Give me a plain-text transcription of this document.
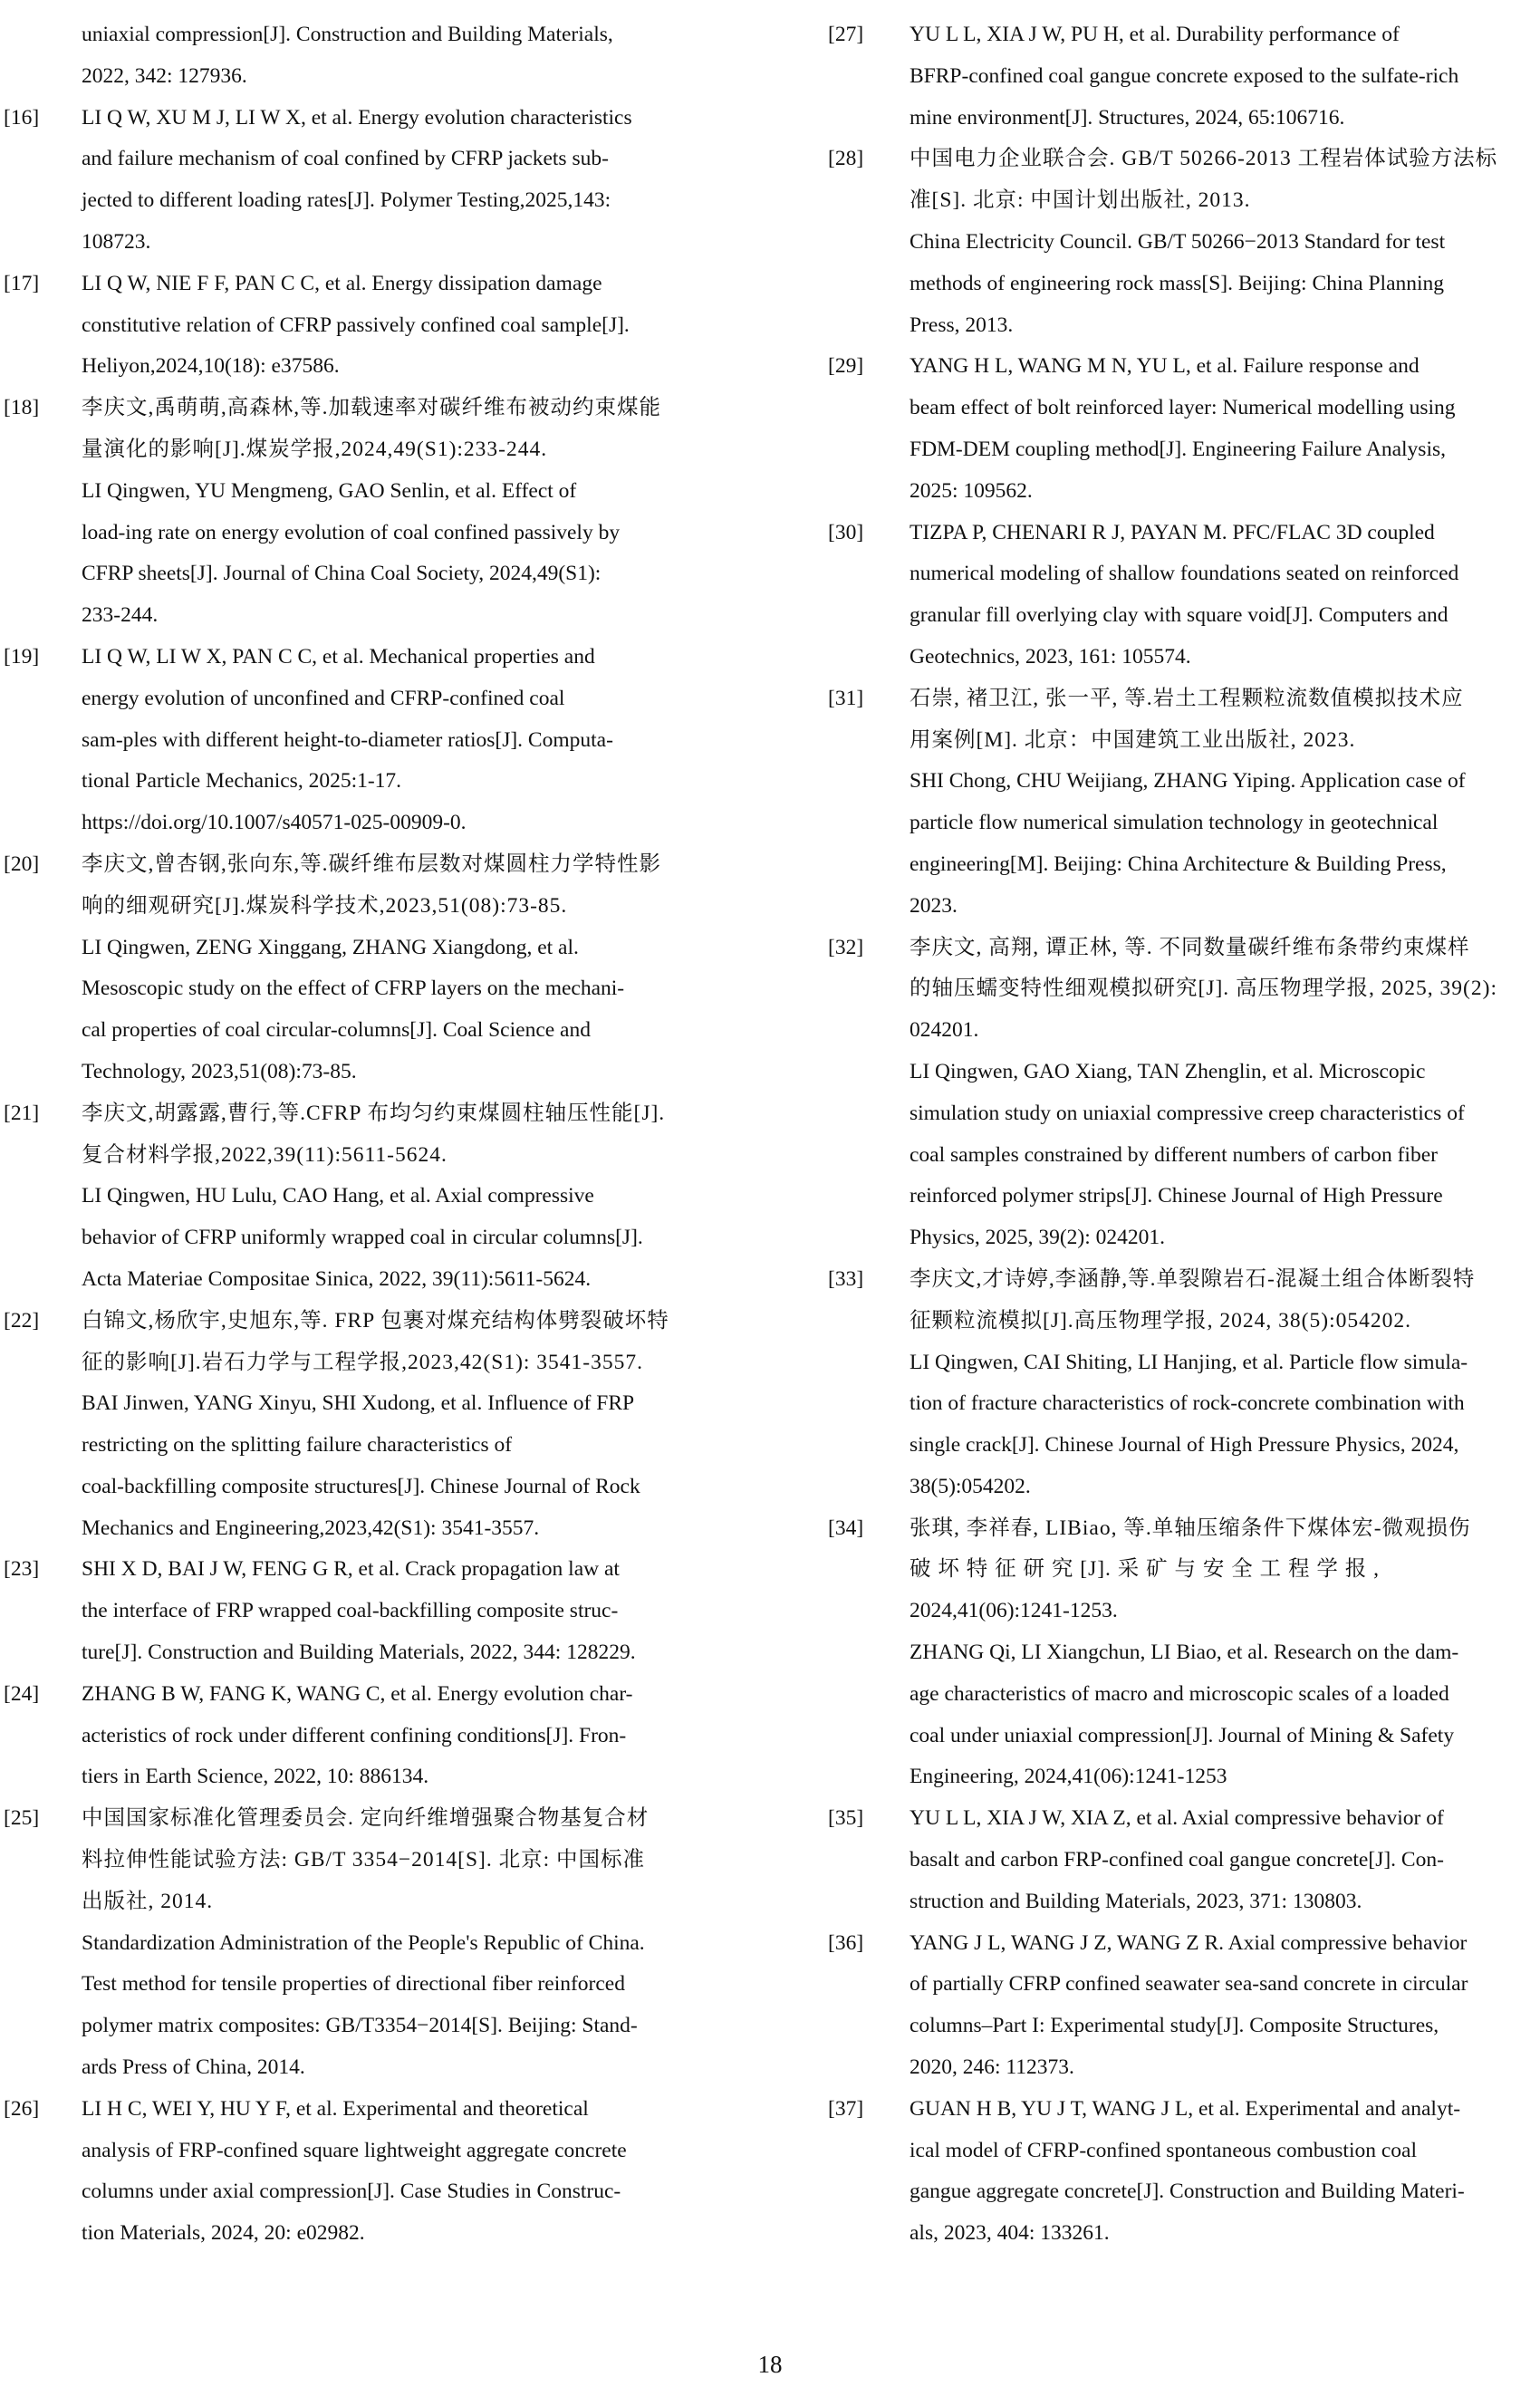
uniaxial compression[J]. Construction and Building Materials,
2022, 342: 127936.
[16]	LI Q W, XU M J, LI W X, et al. Energy evolution characteristics
and failure mechanism of coal confined by CFRP jackets sub-
jected to different loading rates[J]. Polymer Testing,2025,143:
108723.
[17]	LI Q W, NIE F F, PAN C C, et al. Energy dissipation damage
constitutive relation of CFRP passively confined coal sample[J].
Heliyon,2024,10(18): e37586.
[18]	李庆文,禹萌萌,高森林,等.加载速率对碳纤维布被动约束煤能
量演化的影响[J].煤炭学报,2024,49(S1):233-244.
LI Qingwen, YU Mengmeng, GAO Senlin, et al. Effect of
load-ing rate on energy evolution of coal confined passively by
CFRP sheets[J]. Journal of China Coal Society, 2024,49(S1):
233-244.
[19]	LI Q W, LI W X, PAN C C, et al. Mechanical properties and
energy evolution of unconfined and CFRP-confined coal
sam-ples with different height-to-diameter ratios[J]. Computa-
tional Particle Mechanics, 2025:1-17.
https://doi.org/10.1007/s40571-025-00909-0.
[20]	李庆文,曾杏钢,张向东,等.碳纤维布层数对煤圆柱力学特性影
响的细观研究[J].煤炭科学技术,2023,51(08):73-85.
LI Qingwen, ZENG Xinggang, ZHANG Xiangdong, et al.
Mesoscopic study on the effect of CFRP layers on the mechani-
cal properties of coal circular-columns[J]. Coal Science and
Technology, 2023,51(08):73-85.
[21]	李庆文,胡露露,曹行,等.CFRP 布均匀约束煤圆柱轴压性能[J].
复合材料学报,2022,39(11):5611-5624.
LI Qingwen, HU Lulu, CAO Hang, et al. Axial compressive
behavior of CFRP uniformly wrapped coal in circular columns[J].
Acta Materiae Compositae Sinica, 2022, 39(11):5611-5624.
[22]	白锦文,杨欣宇,史旭东,等. FRP 包裹对煤充结构体劈裂破坏特
征的影响[J].岩石力学与工程学报,2023,42(S1): 3541-3557.
BAI Jinwen, YANG Xinyu, SHI Xudong, et al. Influence of FRP
restricting on the splitting failure characteristics of
coal-backfilling composite structures[J]. Chinese Journal of Rock
Mechanics and Engineering,2023,42(S1): 3541-3557.
[23]	SHI X D, BAI J W, FENG G R, et al. Crack propagation law at
the interface of FRP wrapped coal-backfilling composite struc-
ture[J]. Construction and Building Materials, 2022, 344: 128229.
[24]	ZHANG B W, FANG K, WANG C, et al. Energy evolution char-
acteristics of rock under different confining conditions[J]. Fron-
tiers in Earth Science, 2022, 10: 886134.
[25]	中国国家标准化管理委员会. 定向纤维增强聚合物基复合材
料拉伸性能试验方法: GB/T 3354−2014[S]. 北京: 中国标准
出版社, 2014.
Standardization Administration of the People's Republic of China.
Test method for tensile properties of directional fiber reinforced
polymer matrix composites: GB/T3354−2014[S]. Beijing: Stand-
ards Press of China, 2014.
[26]	LI H C, WEI Y, HU Y F, et al. Experimental and theoretical
analysis of FRP-confined square lightweight aggregate concrete
columns under axial compression[J]. Case Studies in Construc-
tion Materials, 2024, 20: e02982.
[27]	YU L L, XIA J W, PU H, et al. Durability performance of
BFRP-confined coal gangue concrete exposed to the sulfate-rich
mine environment[J]. Structures, 2024, 65:106716.
[28]	中国电力企业联合会. GB/T 50266-2013 工程岩体试验方法标
准[S]. 北京: 中国计划出版社, 2013.
China Electricity Council. GB/T 50266−2013 Standard for test
methods of engineering rock mass[S]. Beijing: China Planning
Press, 2013.
[29]	YANG H L, WANG M N, YU L, et al. Failure response and
beam effect of bolt reinforced layer: Numerical modelling using
FDM-DEM coupling method[J]. Engineering Failure Analysis,
2025: 109562.
[30]	TIZPA P, CHENARI R J, PAYAN M. PFC/FLAC 3D coupled
numerical modeling of shallow foundations seated on reinforced
granular fill overlying clay with square void[J]. Computers and
Geotechnics, 2023, 161: 105574.
[31]	石崇, 褚卫江, 张一平, 等.岩土工程颗粒流数值模拟技术应
用案例[M]. 北京：中国建筑工业出版社, 2023.
SHI Chong, CHU Weijiang, ZHANG Yiping. Application case of
particle flow numerical simulation technology in geotechnical
engineering[M]. Beijing: China Architecture & Building Press,
2023.
[32]	李庆文, 高翔, 谭正林, 等. 不同数量碳纤维布条带约束煤样
的轴压蠕变特性细观模拟研究[J]. 高压物理学报, 2025, 39(2):
024201.
LI Qingwen, GAO Xiang, TAN Zhenglin, et al. Microscopic
simulation study on uniaxial compressive creep characteristics of
coal samples constrained by different numbers of carbon fiber
reinforced polymer strips[J]. Chinese Journal of High Pressure
Physics, 2025, 39(2): 024201.
[33]	李庆文,才诗婷,李涵静,等.单裂隙岩石-混凝土组合体断裂特
征颗粒流模拟[J].高压物理学报, 2024, 38(5):054202.
LI Qingwen, CAI Shiting, LI Hanjing, et al. Particle flow simula-
tion of fracture characteristics of rock-concrete combination with
single crack[J]. Chinese Journal of High Pressure Physics, 2024,
38(5):054202.
[34]	张琪, 李祥春, LIBiao, 等.单轴压缩条件下煤体宏-微观损伤
破 坏 特 征 研 究 [J]. 采 矿 与 安 全 工 程 学 报 ,
2024,41(06):1241-1253.
ZHANG Qi, LI Xiangchun, LI Biao, et al. Research on the dam-
age characteristics of macro and microscopic scales of a loaded
coal under uniaxial compression[J]. Journal of Mining & Safety
Engineering, 2024,41(06):1241-1253
[35]	YU L L, XIA J W, XIA Z, et al. Axial compressive behavior of
basalt and carbon FRP-confined coal gangue concrete[J]. Con-
struction and Building Materials, 2023, 371: 130803.
[36]	YANG J L, WANG J Z, WANG Z R. Axial compressive behavior
of partially CFRP confined seawater sea-sand concrete in circular
columns–Part I: Experimental study[J]. Composite Structures,
2020, 246: 112373.
[37]	GUAN H B, YU J T, WANG J L, et al. Experimental and analyt-
ical model of CFRP-confined spontaneous combustion coal
gangue aggregate concrete[J]. Construction and Building Materi-
als, 2023, 404: 133261.
18
